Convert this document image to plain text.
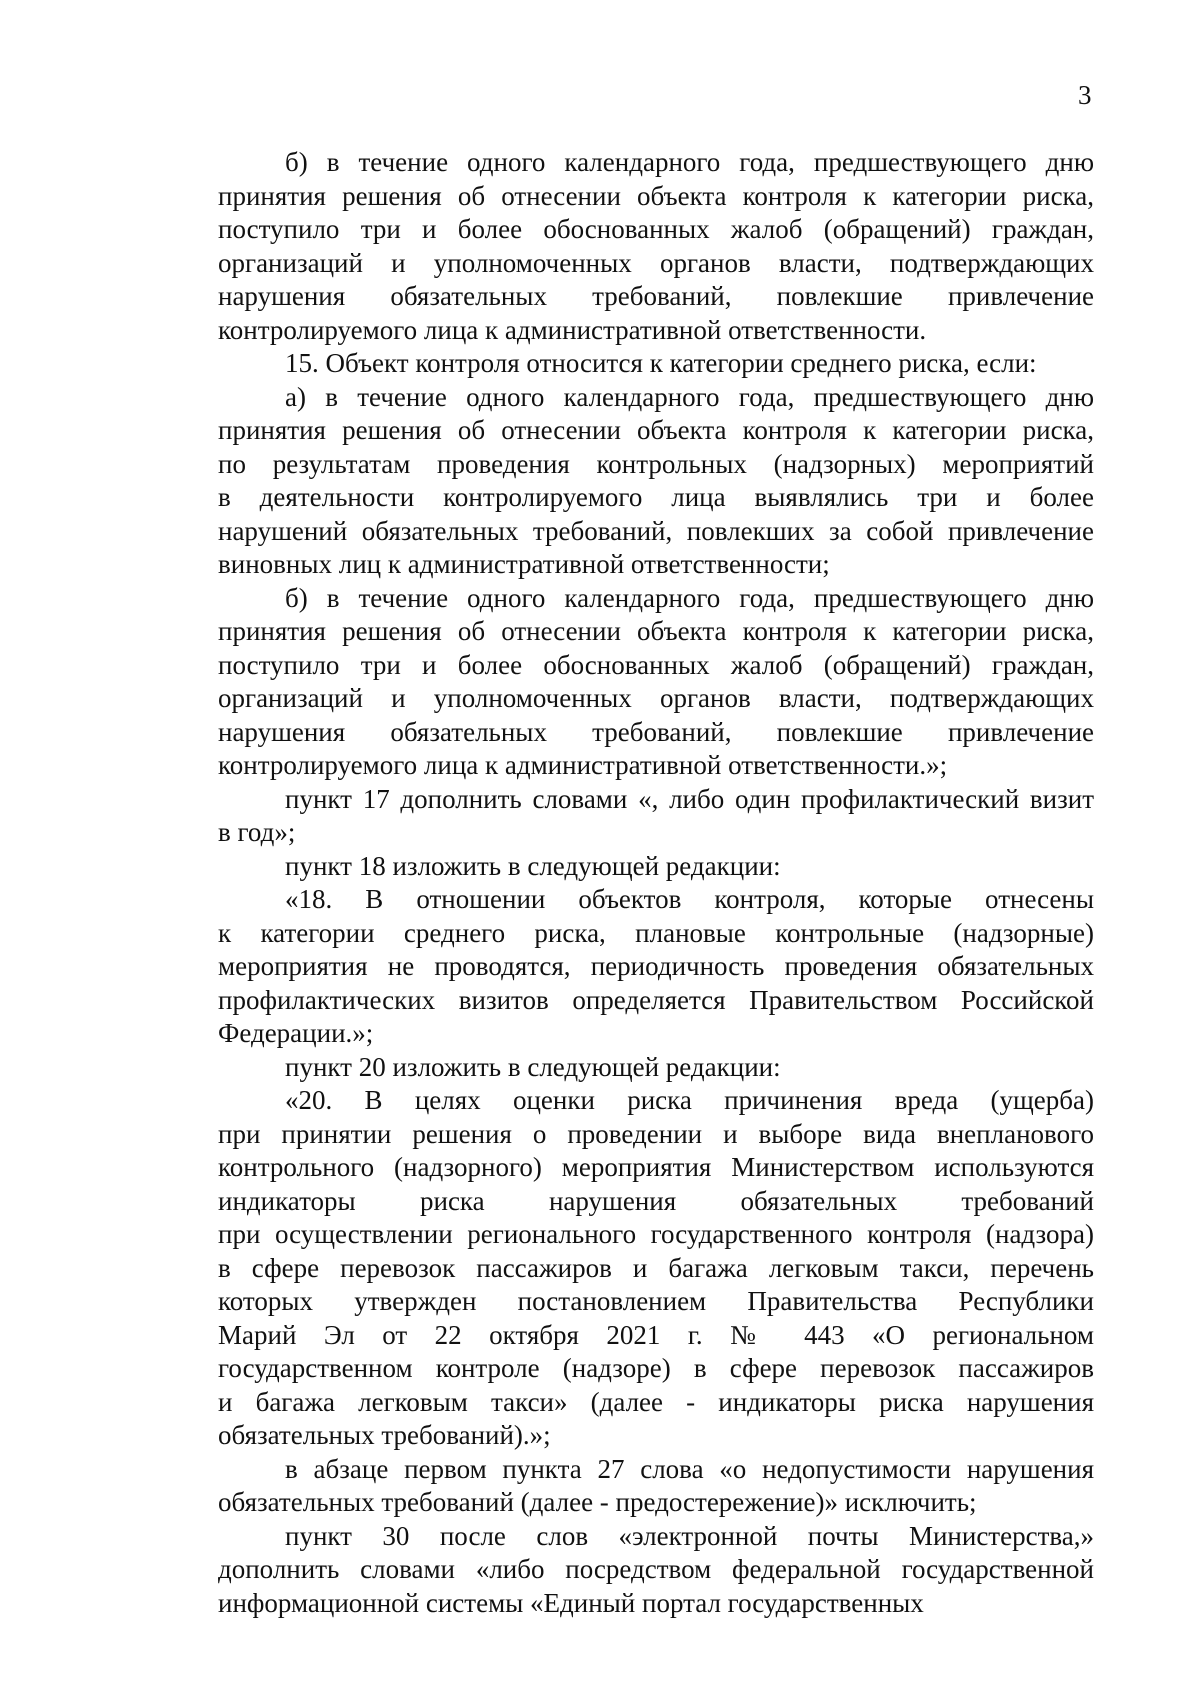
3
б) в течение одного календарного года, предшествующего дню
принятия решения об отнесении объекта контроля к категории риска,
поступило три и более обоснованных жалоб (обращений) граждан,
организаций и уполномоченных органов власти, подтверждающих
нарушения обязательных требований, повлекшие привлечение
контролируемого лица к административной ответственности.
15. Объект контроля относится к категории среднего риска, если:
а) в течение одного календарного года, предшествующего дню
принятия решения об отнесении объекта контроля к категории риска,
по результатам проведения контрольных (надзорных) мероприятий
в деятельности контролируемого лица выявлялись три и более
нарушений обязательных требований, повлекших за собой привлечение
виновных лиц к административной ответственности;
б) в течение одного календарного года, предшествующего дню
принятия решения об отнесении объекта контроля к категории риска,
поступило три и более обоснованных жалоб (обращений) граждан,
организаций и уполномоченных органов власти, подтверждающих
нарушения обязательных требований, повлекшие привлечение
контролируемого лица к административной ответственности.»;
пункт 17 дополнить словами «, либо один профилактический визит
в год»;
пункт 18 изложить в следующей редакции:
«18. В отношении объектов контроля, которые отнесены
к категории среднего риска, плановые контрольные (надзорные)
мероприятия не проводятся, периодичность проведения обязательных
профилактических визитов определяется Правительством Российской
Федерации.»;
пункт 20 изложить в следующей редакции:
«20. В целях оценки риска причинения вреда (ущерба)
при принятии решения о проведении и выборе вида внепланового
контрольного (надзорного) мероприятия Министерством используются
индикаторы риска нарушения обязательных требований
при осуществлении регионального государственного контроля (надзора)
в сфере перевозок пассажиров и багажа легковым такси, перечень
которых утвержден постановлением Правительства Республики
Марий Эл от 22 октября 2021 г. № 443 «О региональном
государственном контроле (надзоре) в сфере перевозок пассажиров
и багажа легковым такси» (далее - индикаторы риска нарушения
обязательных требований).»;
в абзаце первом пункта 27 слова «о недопустимости нарушения
обязательных требований (далее - предостережение)» исключить;
пункт 30 после слов «электронной почты Министерства,»
дополнить словами «либо посредством федеральной государственной
информационной системы «Единый портал государственных
